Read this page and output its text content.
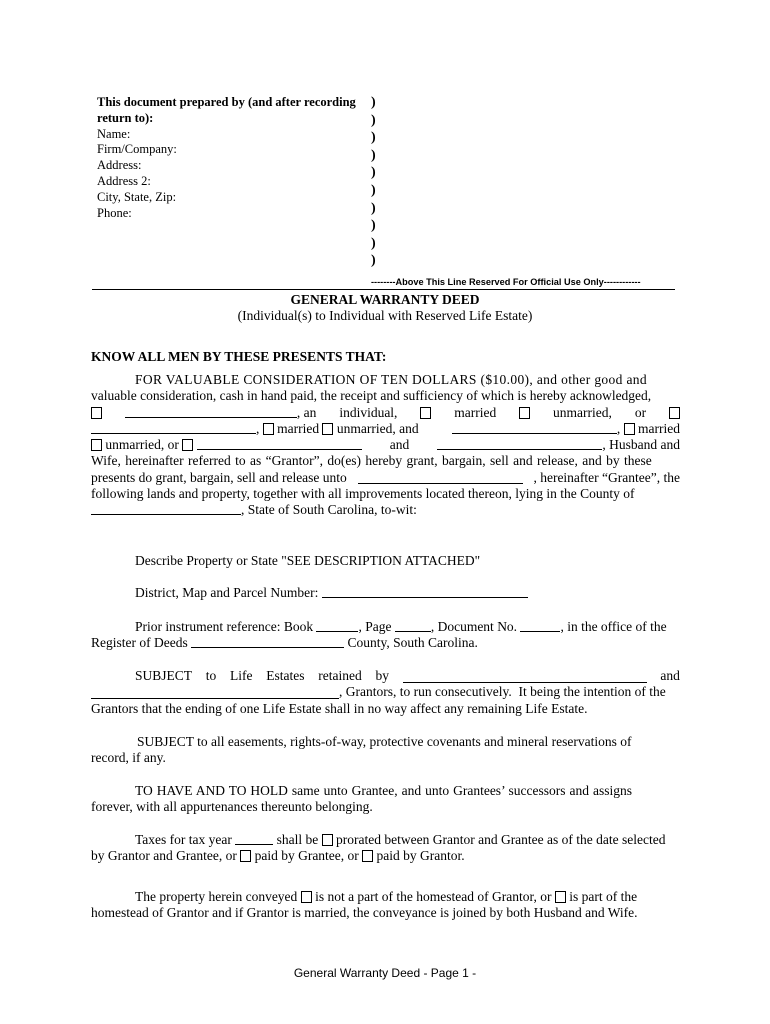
This document prepared by (and after recording
return to):
Name:
Firm/Company:
Address:
Address 2:
City, State, Zip:
Phone:
)
)
)
)
)
)
)
)
)
)
--------Above This Line Reserved For Official Use Only------------
GENERAL WARRANTY DEED
(Individual(s) to Individual with Reserved Life Estate)
KNOW ALL MEN BY THESE PRESENTS THAT:
FOR VALUABLE CONSIDERATION OF TEN DOLLARS ($10.00), and other good and
valuable consideration, cash in hand paid, the receipt and sufficiency of which is hereby acknowledged,
, an individual,	married	unmarried, or
,  married unmarried, and	,  married
unmarried, or	and	, Husband and
Wife, hereinafter referred to as “Grantor”, do(es) hereby grant, bargain, sell and release, and by these
presents do grant, bargain, sell and release unto	, hereinafter “Grantee”, the
following lands and property, together with all improvements located thereon, lying in the County of
, State of South Carolina, to-wit:
Describe Property or State "SEE DESCRIPTION ATTACHED"
District, Map and Parcel Number:
Prior instrument reference: Book	, Page	, Document No.	, in the office of the
Register of Deeds	County, South Carolina.
SUBJECT to Life Estates retained by	and
, Grantors, to run consecutively.  It being the intention of the
Grantors that the ending of one Life Estate shall in no way affect any remaining Life Estate.
SUBJECT to all easements, rights-of-way, protective covenants and mineral reservations of
record, if any.
TO HAVE AND TO HOLD same unto Grantee, and unto Grantees’ successors and assigns
forever, with all appurtenances thereunto belonging.
Taxes for tax year	shall be prorated between Grantor and Grantee as of the date selected
by Grantor and Grantee, or paid by Grantee, or paid by Grantor.
The property herein conveyed is not a part of the homestead of Grantor, or is part of the
homestead of Grantor and if Grantor is married, the conveyance is joined by both Husband and Wife.
General Warranty Deed - Page 1 -
